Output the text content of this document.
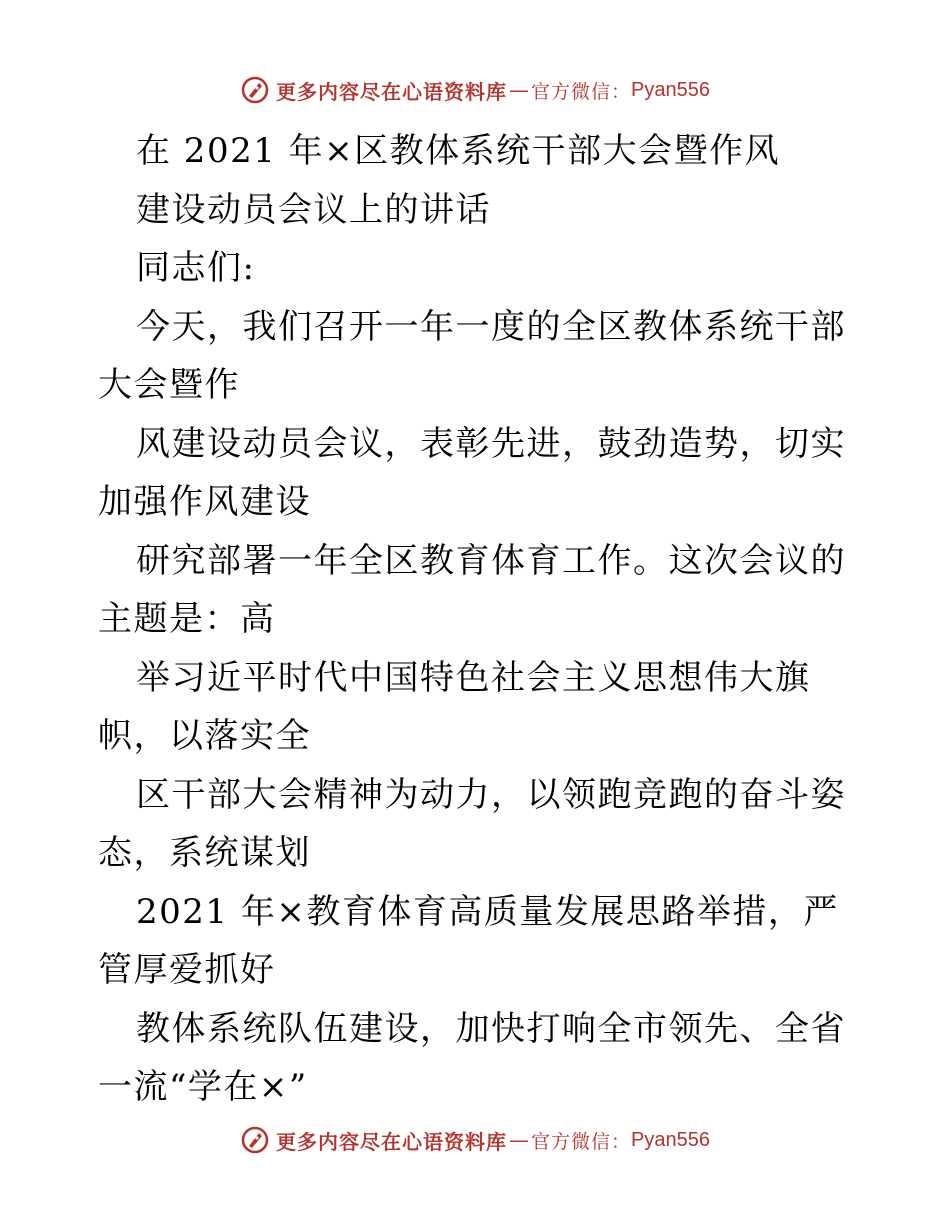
更多内容尽在心语资料库 — 官方微信： Pyan556

在 2021 年×区教体系统干部大会暨作风

建设动员会议上的讲话

同志们:

今天，我们召开一年一度的全区教体系统干部大会暨作

风建设动员会议，表彰先进，鼓劲造势，切实加强作风建设

研究部署一年全区教育体育工作。这次会议的主题是：高

举习近平时代中国特色社会主义思想伟大旗帜，以落实全

区干部大会精神为动力，以领跑竞跑的奋斗姿态，系统谋划

2021 年×教育体育高质量发展思路举措，严管厚爱抓好

教体系统队伍建设，加快打响全市领先、全省一流“学在×”

更多内容尽在心语资料库 — 官方微信： Pyan556
